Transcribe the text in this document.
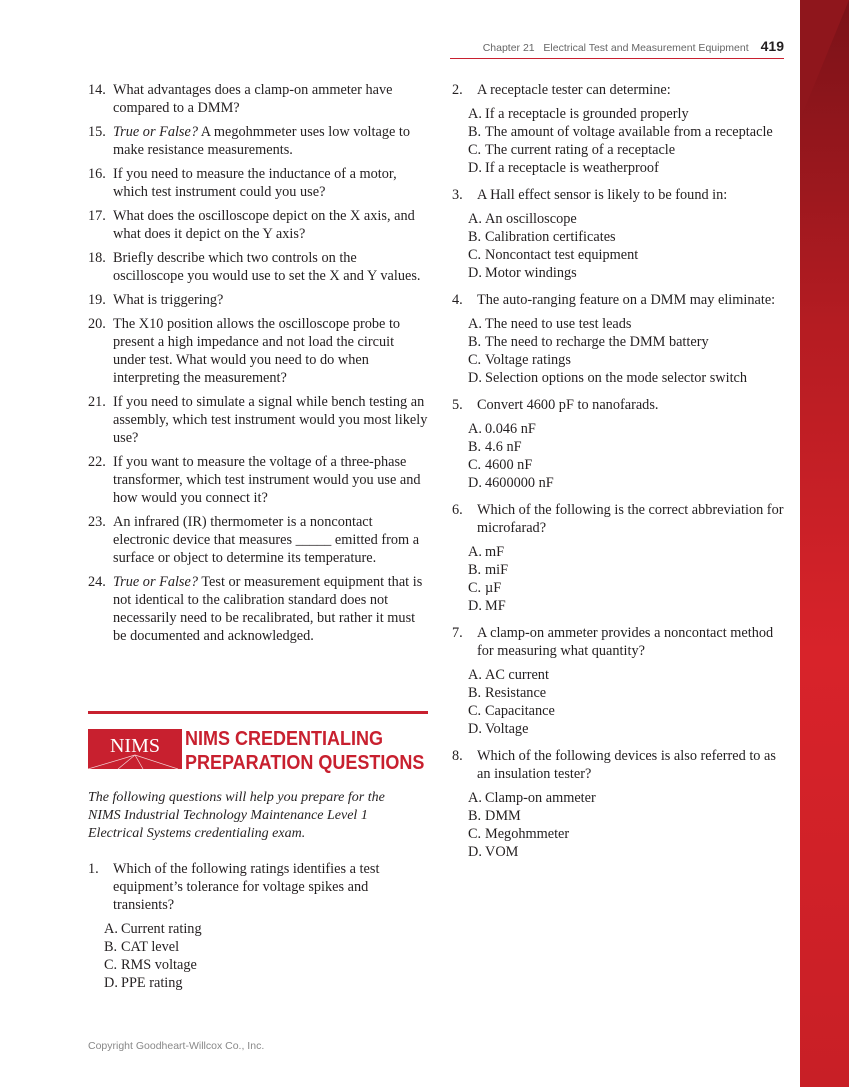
Chapter 21   Electrical Test and Measurement Equipment 419
14. What advantages does a clamp-on ammeter have compared to a DMM?
15. True or False? A megohmmeter uses low voltage to make resistance measurements.
16. If you need to measure the inductance of a motor, which test instrument could you use?
17. What does the oscilloscope depict on the X axis, and what does it depict on the Y axis?
18. Briefly describe which two controls on the oscilloscope you would use to set the X and Y values.
19. What is triggering?
20. The X10 position allows the oscilloscope probe to present a high impedance and not load the circuit under test. What would you need to do when interpreting the measurement?
21. If you need to simulate a signal while bench testing an assembly, which test instrument would you most likely use?
22. If you want to measure the voltage of a three-phase transformer, which test instrument would you use and how would you connect it?
23. An infrared (IR) thermometer is a noncontact electronic device that measures _____ emitted from a surface or object to determine its temperature.
24. True or False? Test or measurement equipment that is not identical to the calibration standard does not necessarily need to be recalibrated, but rather it must be documented and acknowledged.
NIMS	NIMS CREDENTIALING
PREPARATION QUESTIONS
The following questions will help you prepare for the NIMS Industrial Technology Maintenance Level 1 Electrical Systems credentialing exam.
1. Which of the following ratings identifies a test equipment’s tolerance for voltage spikes and transients?
A. Current rating
B. CAT level
C. RMS voltage
D. PPE rating
2. A receptacle tester can determine:
A. If a receptacle is grounded properly
B. The amount of voltage available from a receptacle
C. The current rating of a receptacle
D. If a receptacle is weatherproof
3. A Hall effect sensor is likely to be found in:
A. An oscilloscope
B. Calibration certificates
C. Noncontact test equipment
D. Motor windings
4. The auto-ranging feature on a DMM may eliminate:
A. The need to use test leads
B. The need to recharge the DMM battery
C. Voltage ratings
D. Selection options on the mode selector switch
5. Convert 4600 pF to nanofarads.
A. 0.046 nF
B. 4.6 nF
C. 4600 nF
D. 4600000 nF
6. Which of the following is the correct abbreviation for microfarad?
A. mF
B. miF
C. µF
D. MF
7. A clamp-on ammeter provides a noncontact method for measuring what quantity?
A. AC current
B. Resistance
C. Capacitance
D. Voltage
8. Which of the following devices is also referred to as an insulation tester?
A. Clamp-on ammeter
B. DMM
C. Megohmmeter
D. VOM
Copyright Goodheart-Willcox Co., Inc.
